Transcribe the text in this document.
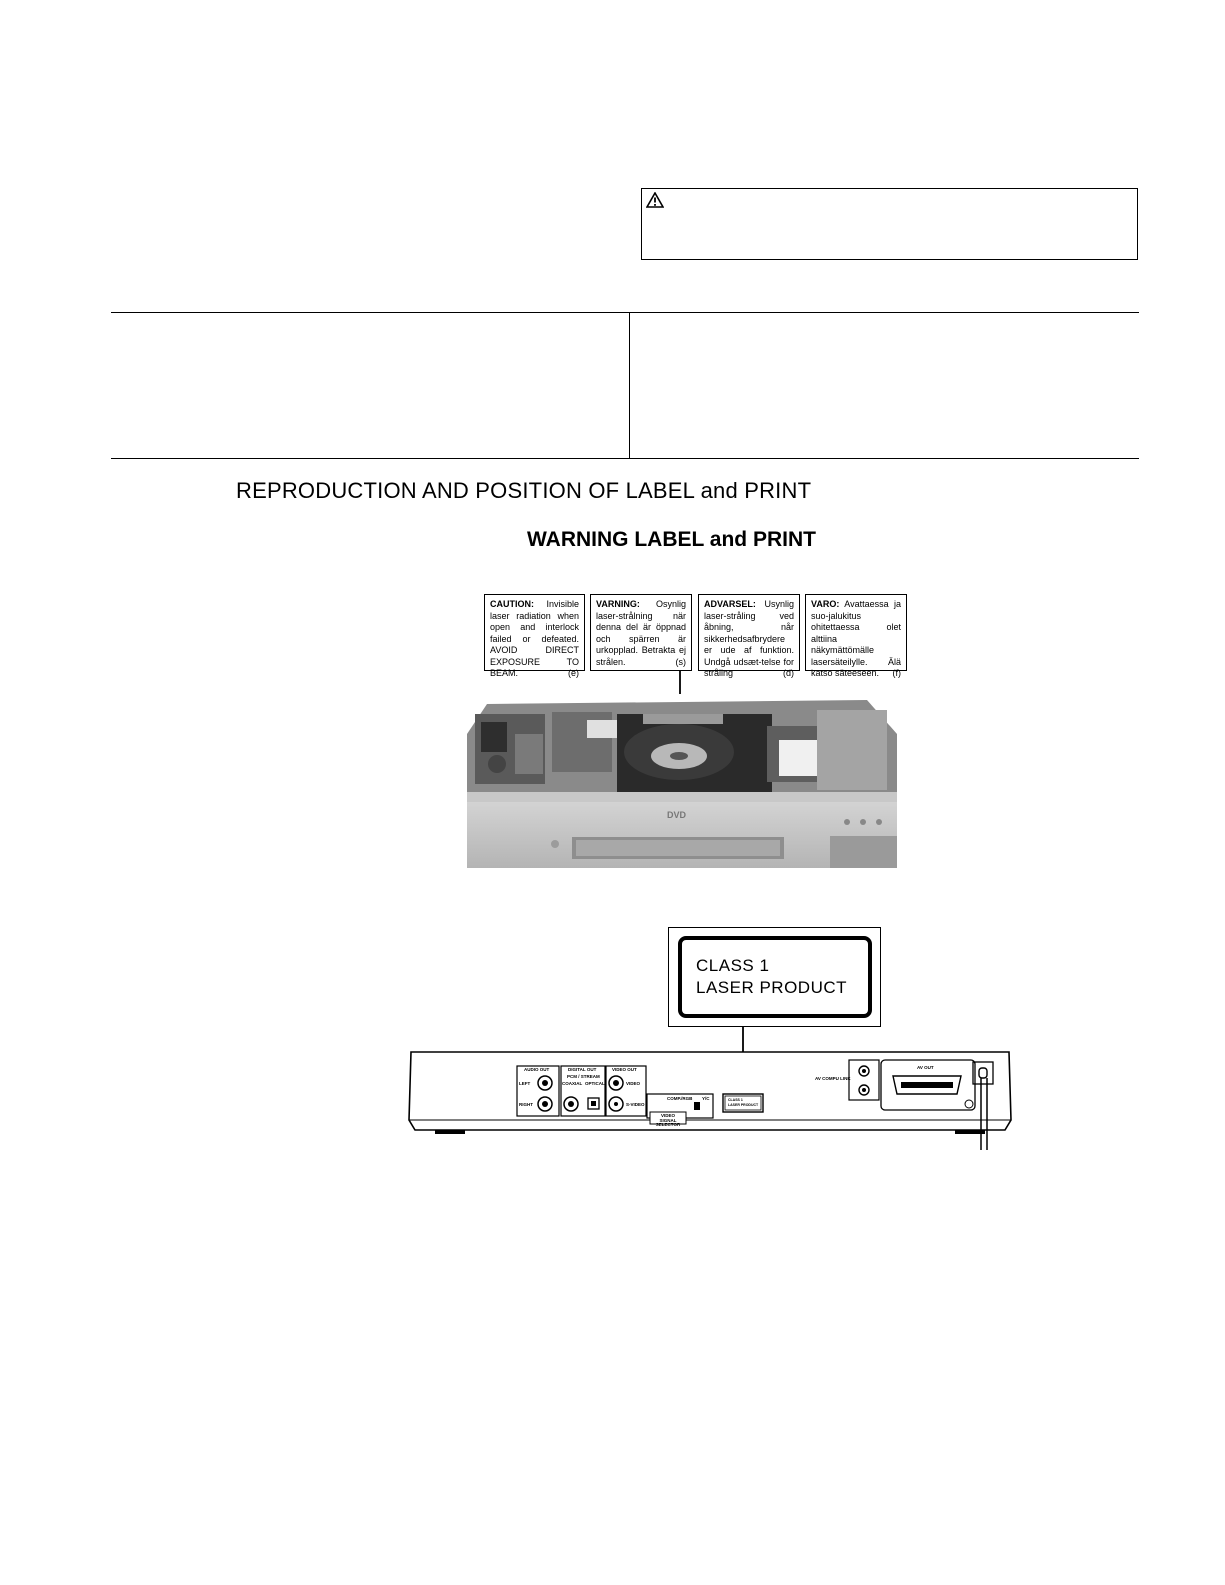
REPRODUCTION AND POSITION OF LABEL and PRINT
WARNING LABEL and PRINT
CAUTION: Invisible laser radiation when open and interlock failed or defeated. AVOID DIRECT EXPOSURE TO BEAM.	(e)
VARNING: Osynlig laser-strålning när denna del är öppnad och spärren är urkopplad. Betrakta ej strålen.	(s)
ADVARSEL: Usynlig laser-stråling ved åbning, når sikkerhedsafbrydere er ude af funktion. Undgå udsæt-telse for stråling	(d)
VARO: Avattaessa ja suo-jalukitus ohitettaessa olet alttiina näkymättömälle lasersäteilylle. Älä katso säteeseen. (f)
DVD
CLASS 1
LASER PRODUCT
AUDIO OUT
LEFT
RIGHT
DIGITAL OUT
PCM / STREAM
COAXIAL OPTICAL
VIDEO OUT
VIDEO
S-VIDEO
COMP./RGB Y/C
VIDEO SIGNAL SELECTOR
CLASS 1
LASER PRODUCT
AV COMPU LINK
AV OUT
